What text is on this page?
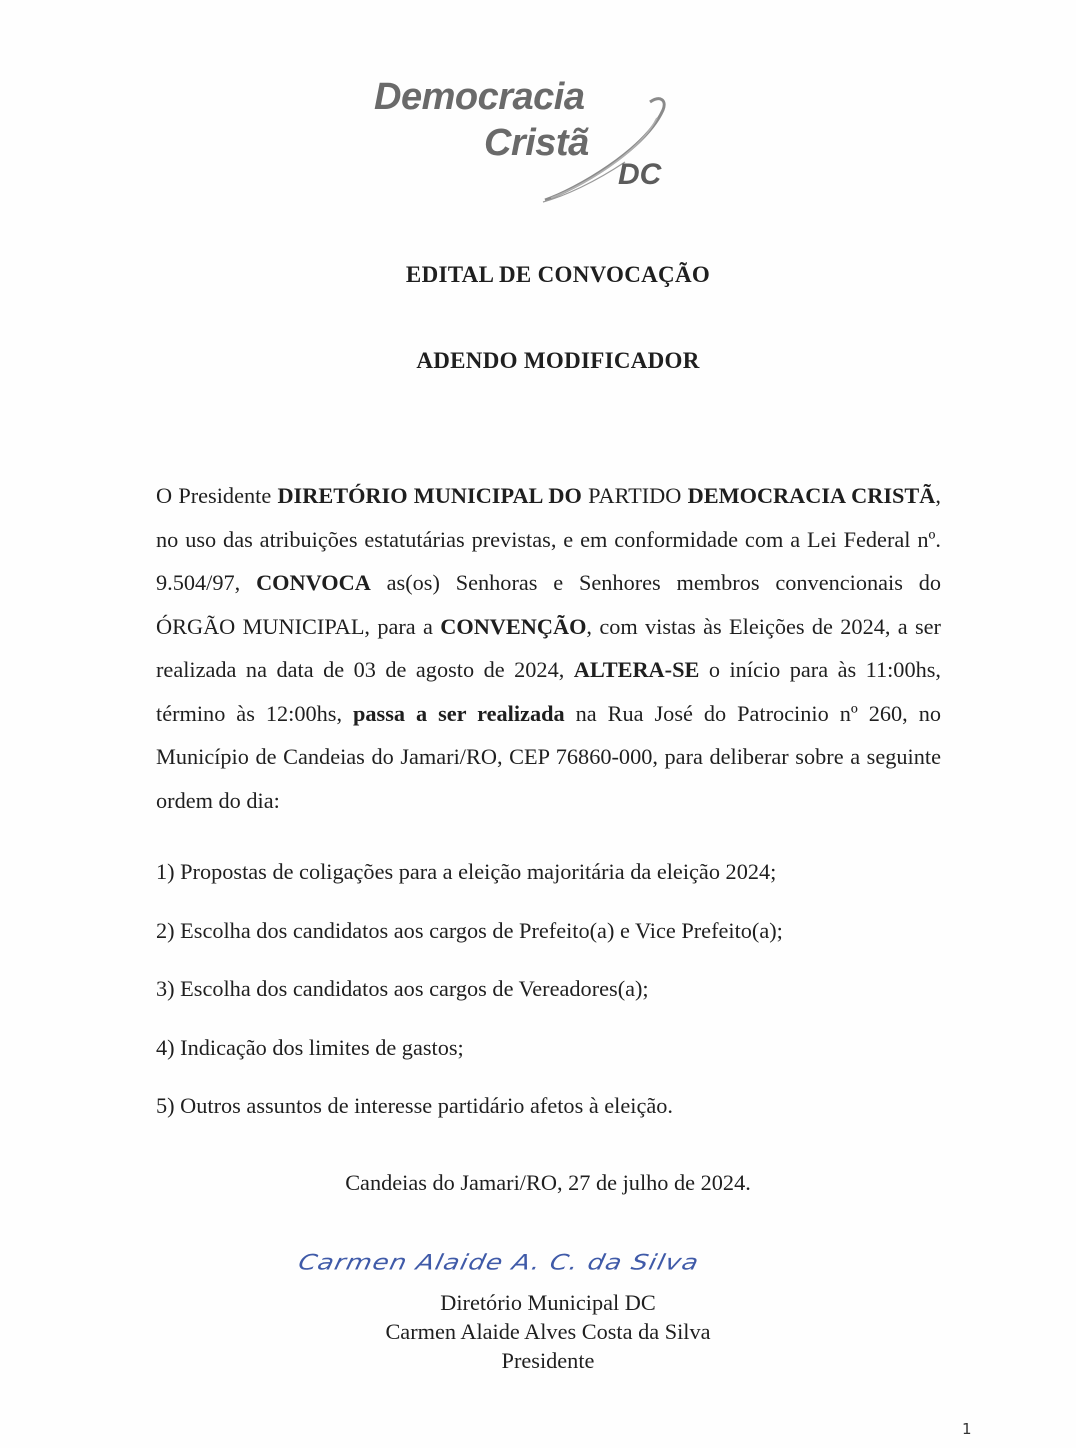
Democracia
Cristã
DC
EDITAL DE CONVOCAÇÃO
ADENDO MODIFICADOR

O Presidente DIRETÓRIO MUNICIPAL DO PARTIDO DEMOCRACIA CRISTÃ, no uso das atribuições estatutárias previstas, e em conformidade com a Lei Federal nº. 9.504/97, CONVOCA as(os) Senhoras e Senhores membros convencionais do ÓRGÃO MUNICIPAL, para a CONVENÇÃO, com vistas às Eleições de 2024, a ser realizada na data de 03 de agosto de 2024, ALTERA-SE o início para às 11:00hs, término às 12:00hs, passa a ser realizada na Rua José do Patrocinio nº 260, no Município de Candeias do Jamari/RO, CEP 76860-000, para deliberar sobre a seguinte ordem do dia:

1) Propostas de coligações para a eleição majoritária da eleição 2024;
2) Escolha dos candidatos aos cargos de Prefeito(a) e Vice Prefeito(a);
3) Escolha dos candidatos aos cargos de Vereadores(a);
4) Indicação dos limites de gastos;
5) Outros assuntos de interesse partidário afetos à eleição.
Candeias do Jamari/RO, 27 de julho de 2024.
Carmen Alaide A. C. da Silva
Diretório Municipal DC
Carmen Alaide Alves Costa da Silva
Presidente
1
